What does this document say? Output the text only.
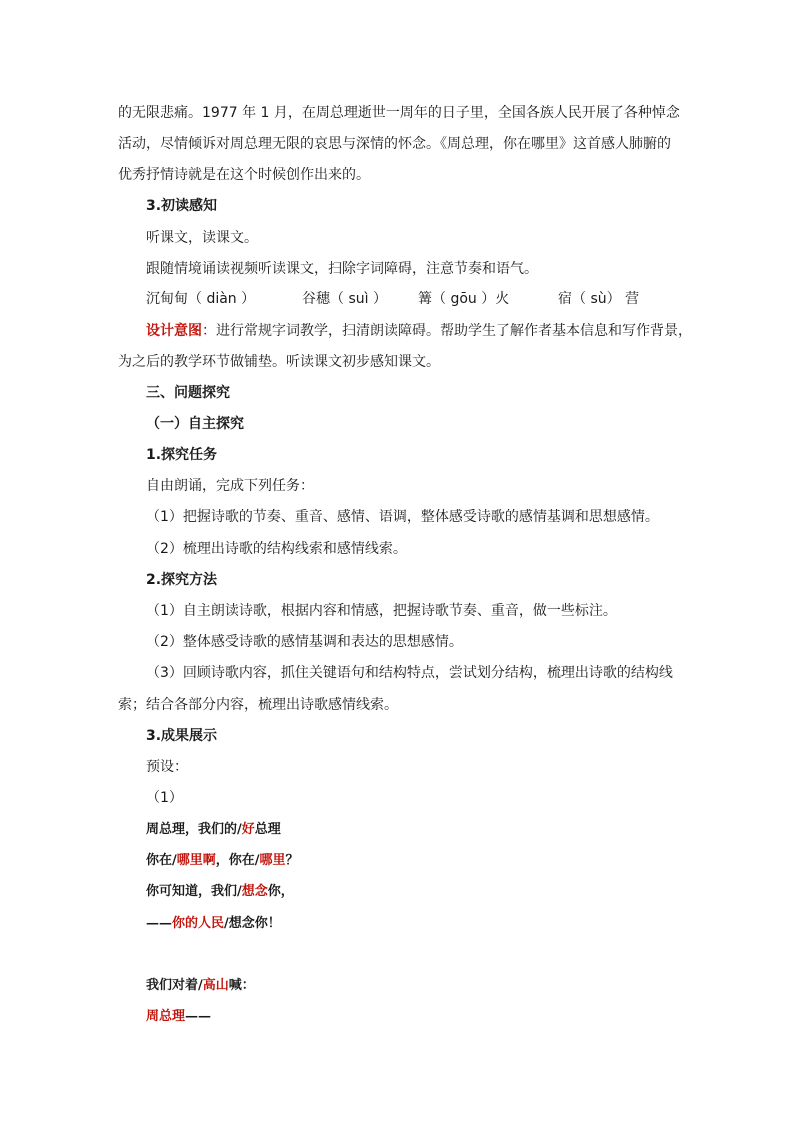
的无限悲痛。1977 年 1 月，在周总理逝世一周年的日子里，全国各族人民开展了各种悼念
活动，尽情倾诉对周总理无限的哀思与深情的怀念。《周总理，你在哪里》这首感人肺腑的
优秀抒情诗就是在这个时候创作出来的。
3.初读感知
听课文，读课文。
跟随情境诵读视频听读课文，扫除字词障碍，注意节奏和语气。
沉甸甸（ diàn ）	谷穗（ suì ） 篝（ gōu ）火	宿（ sù） 营
设计意图：进行常规字词教学，扫清朗读障碍。帮助学生了解作者基本信息和写作背景，
为之后的教学环节做铺垫。听读课文初步感知课文。
三、问题探究
（一）自主探究
1.探究任务
自由朗诵，完成下列任务：
（1）把握诗歌的节奏、重音、感情、语调，整体感受诗歌的感情基调和思想感情。
（2）梳理出诗歌的结构线索和感情线索。
2.探究方法
（1）自主朗读诗歌，根据内容和情感，把握诗歌节奏、重音，做一些标注。
（2）整体感受诗歌的感情基调和表达的思想感情。
（3）回顾诗歌内容，抓住关键语句和结构特点，尝试划分结构，梳理出诗歌的结构线
索；结合各部分内容，梳理出诗歌感情线索。
3.成果展示
预设：
（1）
周总理，我们的/好总理
你在/哪里啊，你在/哪里？
你可知道，我们/想念你，
——你的人民/想念你！
我们对着/高山喊：
周总理——
